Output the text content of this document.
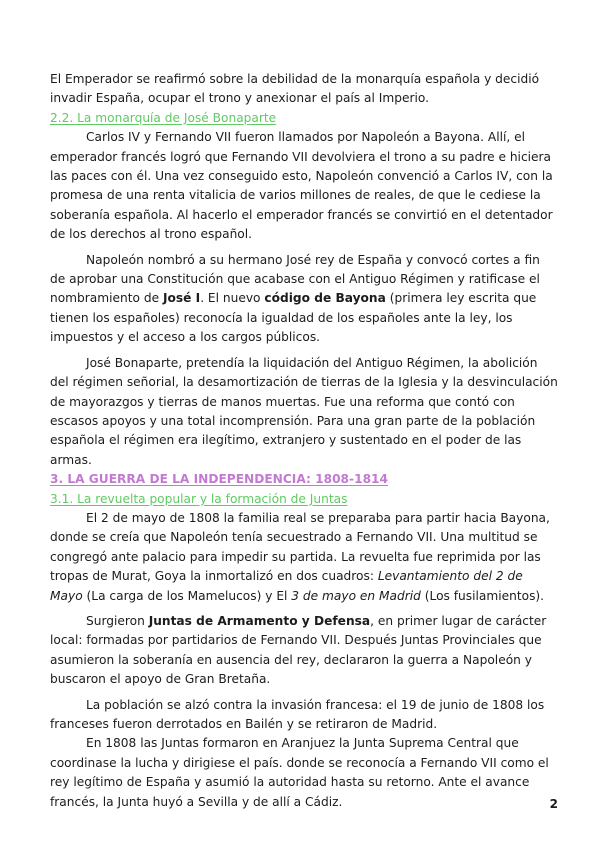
El Emperador se reafirmó sobre la debilidad de la monarquía española y decidió invadir España, ocupar el trono y anexionar el país al Imperio.

2.2. La monarquía de José Bonaparte

Carlos IV y Fernando VII fueron llamados por Napoleón a Bayona. Allí, el emperador francés logró que Fernando VII devolviera el trono a su padre e hiciera las paces con él. Una vez conseguido esto, Napoleón convenció a Carlos IV, con la promesa de una renta vitalicia de varios millones de reales, de que le cediese la soberanía española. Al hacerlo el emperador francés se convirtió en el detentador de los derechos al trono español.

Napoleón nombró a su hermano José rey de España y convocó cortes a fin de aprobar una Constitución que acabase con el Antiguo Régimen y ratificase el nombramiento de José I. El nuevo código de Bayona (primera ley escrita que tienen los españoles) reconocía la igualdad de los españoles ante la ley, los impuestos y el acceso a los cargos públicos.

José Bonaparte, pretendía la liquidación del Antiguo Régimen, la abolición del régimen señorial, la desamortización de tierras de la Iglesia y la desvinculación de mayorazgos y tierras de manos muertas. Fue una reforma que contó con escasos apoyos y una total incomprensión. Para una gran parte de la población española el régimen era ilegítimo, extranjero y sustentado en el poder de las armas.

3. LA GUERRA DE LA INDEPENDENCIA: 1808-1814
3.1. La revuelta popular y la formación de Juntas

El 2 de mayo de 1808 la familia real se preparaba para partir hacia Bayona, donde se creía que Napoleón tenía secuestrado a Fernando VII. Una multitud se congregó ante palacio para impedir su partida. La revuelta fue reprimida por las tropas de Murat, Goya la inmortalizó en dos cuadros: Levantamiento del 2 de Mayo (La carga de los Mamelucos) y El 3 de mayo en Madrid (Los fusilamientos).

Surgieron Juntas de Armamento y Defensa, en primer lugar de carácter local: formadas por partidarios de Fernando VII. Después Juntas Provinciales que asumieron la soberanía en ausencia del rey, declararon la guerra a Napoleón y buscaron el apoyo de Gran Bretaña.

La población se alzó contra la invasión francesa: el 19 de junio de 1808 los franceses fueron derrotados en Bailén y se retiraron de Madrid.

En 1808 las Juntas formaron en Aranjuez la Junta Suprema Central que coordinase la lucha y dirigiese el país. donde se reconocía a Fernando VII como el rey legítimo de España y asumió la autoridad hasta su retorno. Ante el avance francés, la Junta huyó a Sevilla y de allí a Cádiz.	2
